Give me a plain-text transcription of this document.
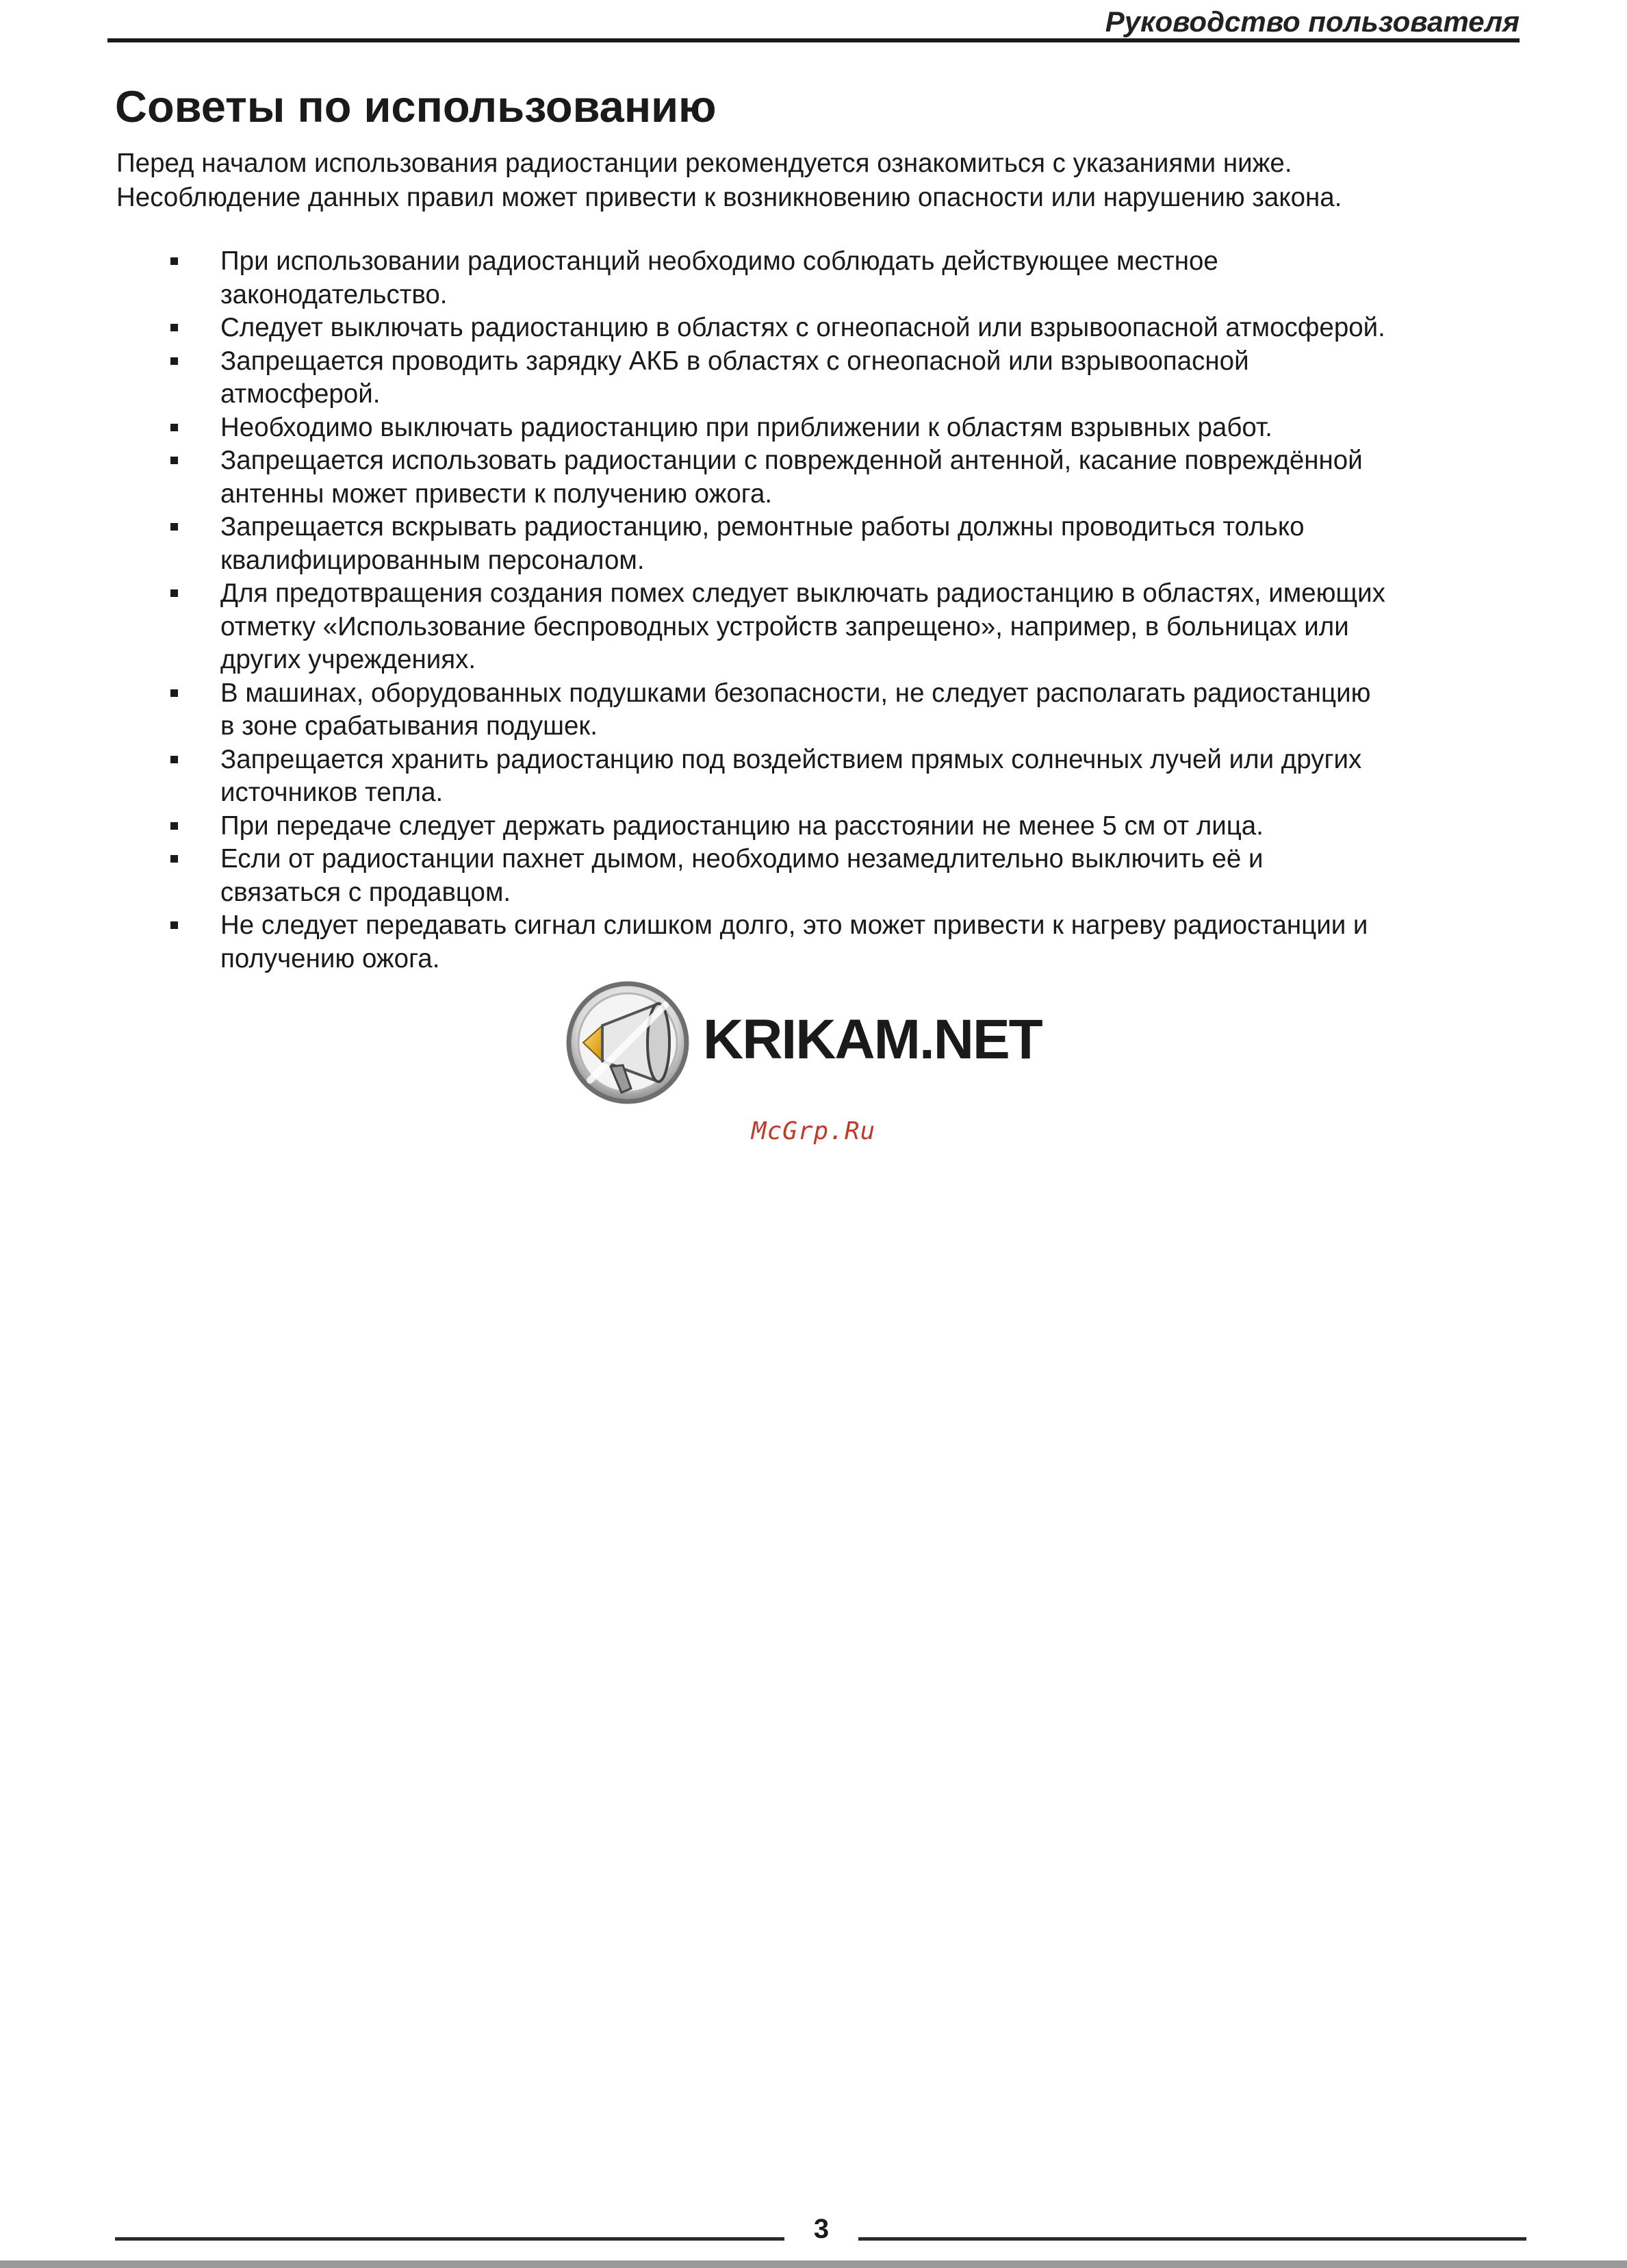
Руководство пользователя
Советы по использованию

Перед началом использования радиостанции рекомендуется ознакомиться с указаниями ниже.
Несоблюдение данных правил может привести к возникновению опасности или нарушению закона.

При использовании радиостанций необходимо соблюдать действующее местное
законодательство.
Следует выключать радиостанцию в областях с огнеопасной или взрывоопасной атмосферой.
Запрещается проводить зарядку АКБ в областях с огнеопасной или взрывоопасной
атмосферой.
Необходимо выключать радиостанцию при приближении к областям взрывных работ.
Запрещается использовать радиостанции с поврежденной антенной, касание повреждённой
антенны может привести к получению ожога.
Запрещается вскрывать радиостанцию, ремонтные работы должны проводиться только
квалифицированным персоналом.
Для предотвращения создания помех следует выключать радиостанцию в областях, имеющих
отметку «Использование беспроводных устройств запрещено», например, в больницах или
других учреждениях.
В машинах, оборудованных подушками безопасности, не следует располагать радиостанцию
в зоне срабатывания подушек.
Запрещается хранить радиостанцию под воздействием прямых солнечных лучей или других
источников тепла.
При передаче следует держать радиостанцию на расстоянии не менее 5 см от лица.
Если от радиостанции пахнет дымом, необходимо незамедлительно выключить её и
связаться с продавцом.
Не следует передавать сигнал слишком долго, это может привести к нагреву радиостанции и
получению ожога.
KRIKAM.NET
McGrp.Ru
3
